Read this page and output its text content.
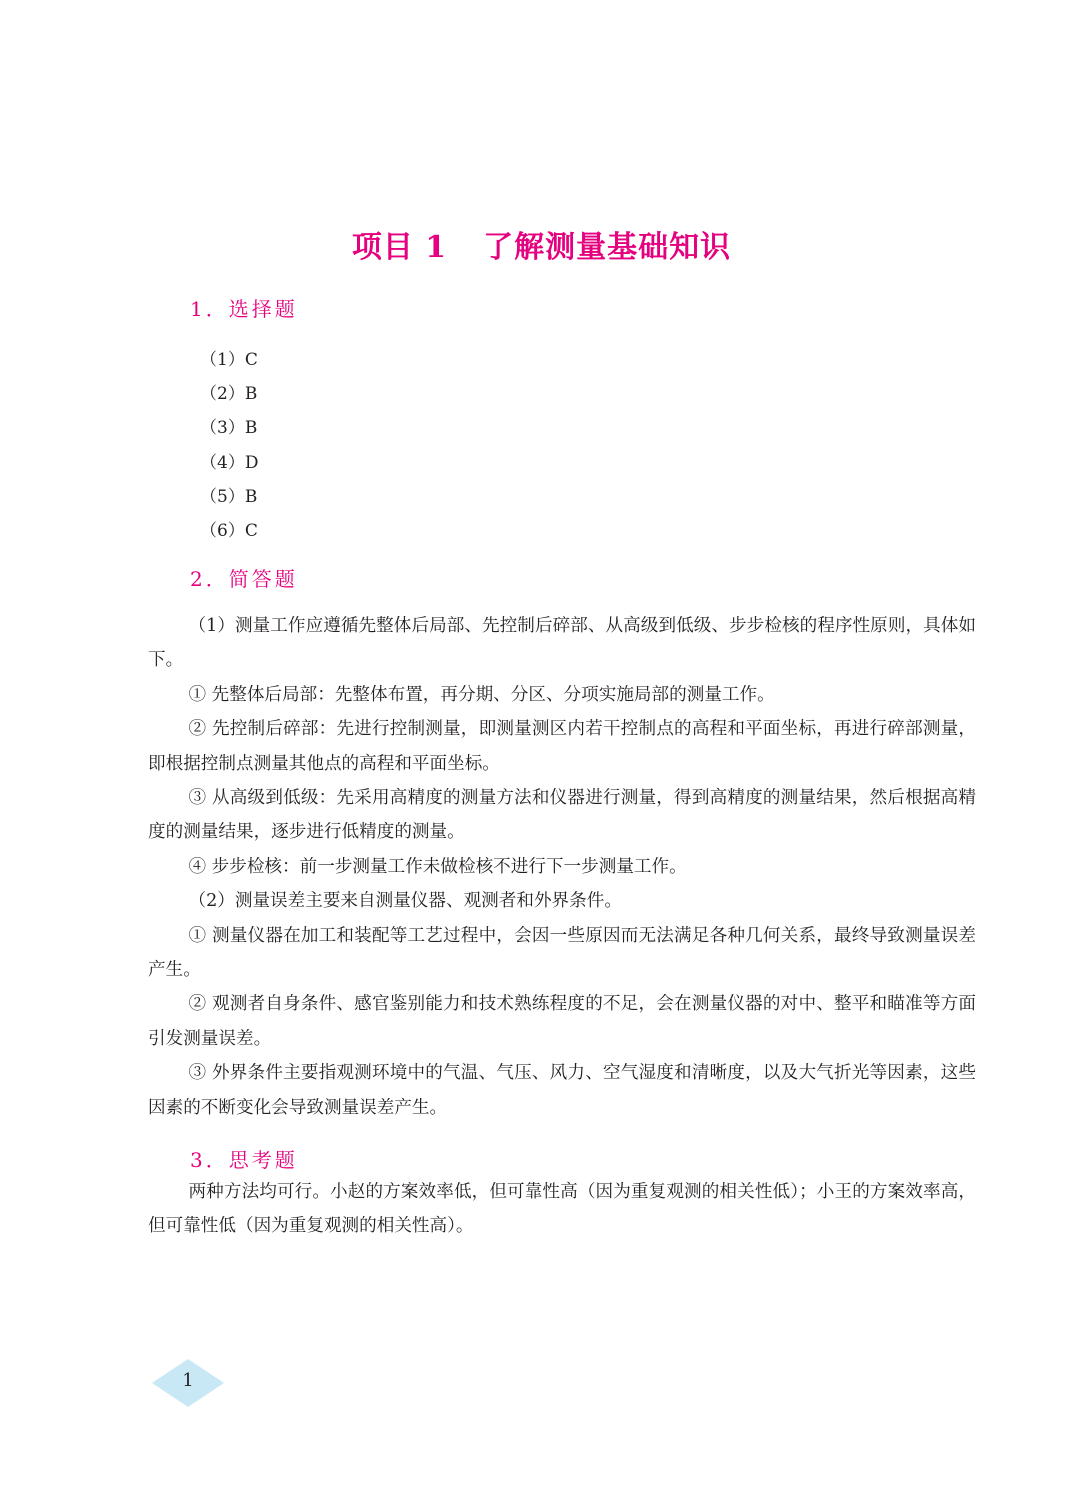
项目 1 了解测量基础知识
1．选择题
（1）C
（2）B
（3）B
（4）D
（5）B
（6）C
2．简答题

（1）测量工作应遵循先整体后局部、先控制后碎部、从高级到低级、步步检核的程序性原则，具体如下。

① 先整体后局部：先整体布置，再分期、分区、分项实施局部的测量工作。

② 先控制后碎部：先进行控制测量，即测量测区内若干控制点的高程和平面坐标，再进行碎部测量，即根据控制点测量其他点的高程和平面坐标。

③ 从高级到低级：先采用高精度的测量方法和仪器进行测量，得到高精度的测量结果，然后根据高精度的测量结果，逐步进行低精度的测量。

④ 步步检核：前一步测量工作未做检核不进行下一步测量工作。

（2）测量误差主要来自测量仪器、观测者和外界条件。

① 测量仪器在加工和装配等工艺过程中，会因一些原因而无法满足各种几何关系，最终导致测量误差产生。

② 观测者自身条件、感官鉴别能力和技术熟练程度的不足，会在测量仪器的对中、整平和瞄准等方面引发测量误差。

③ 外界条件主要指观测环境中的气温、气压、风力、空气湿度和清晰度，以及大气折光等因素，这些因素的不断变化会导致测量误差产生。

3．思考题

两种方法均可行。小赵的方案效率低，但可靠性高（因为重复观测的相关性低）；小王的方案效率高，但可靠性低（因为重复观测的相关性高）。

1
